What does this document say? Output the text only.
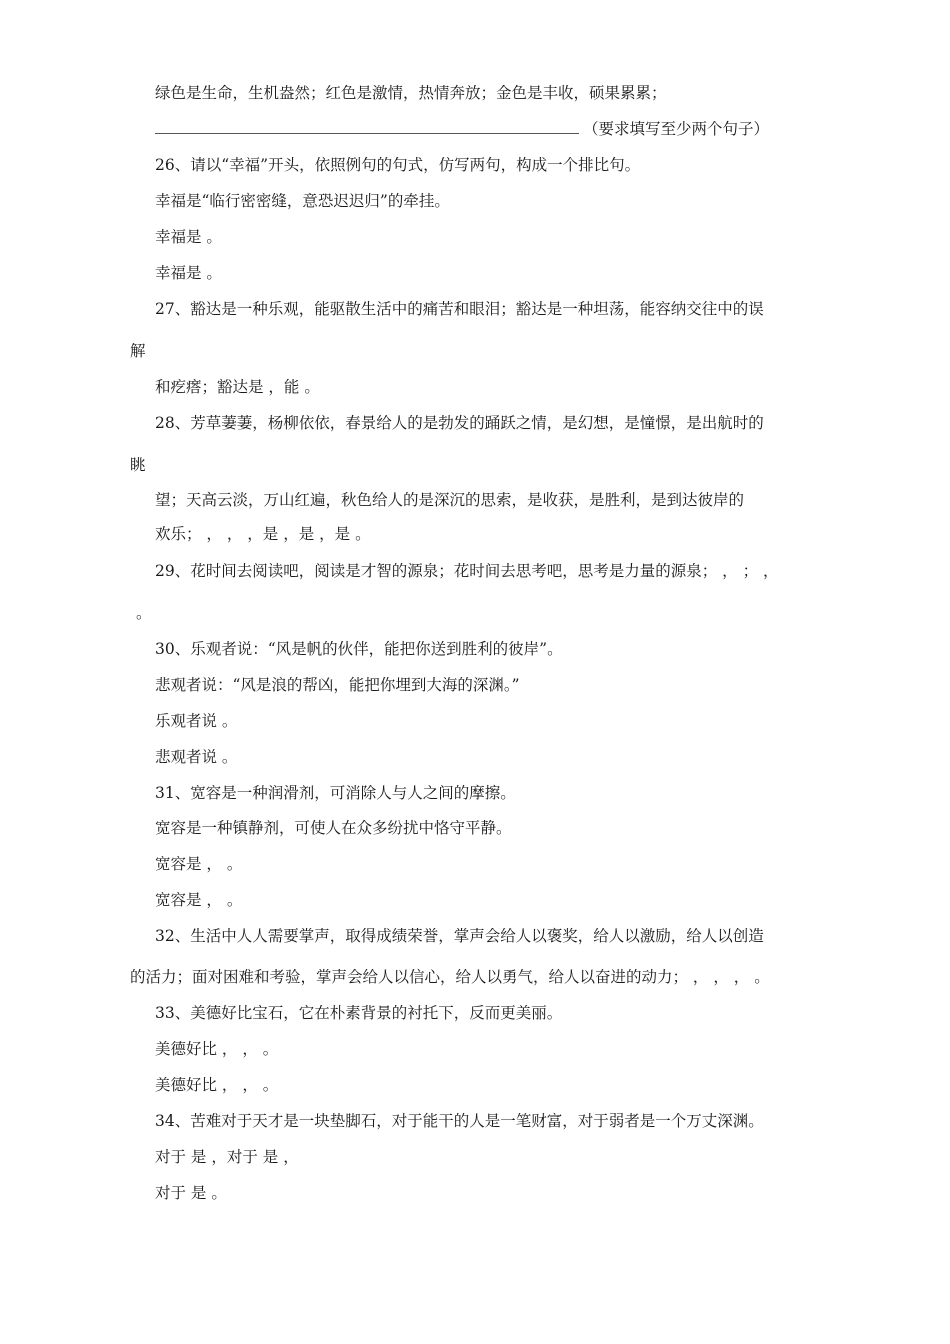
绿色是生命，生机盎然；红色是激情，热情奔放；金色是丰收，硕果累累；
（要求填写至少两个句子）
26、请以“幸福”开头，依照例句的句式，仿写两句，构成一个排比句。
幸福是“临行密密缝，意恐迟迟归”的牵挂。
幸福是 。
幸福是 。
27、豁达是一种乐观，能驱散生活中的痛苦和眼泪；豁达是一种坦荡，能容纳交往中的误
解
和疙瘩；豁达是 ，能 。
28、芳草萋萋，杨柳依依，春景给人的是勃发的踊跃之情，是幻想，是憧憬，是出航时的
眺
望；天高云淡，万山红遍，秋色给人的是深沉的思索，是收获，是胜利，是到达彼岸的
欢乐； ， ， ，是 ，是 ，是 。
29、花时间去阅读吧，阅读是才智的源泉；花时间去思考吧，思考是力量的源泉； ， ； ，
。
30、乐观者说：“风是帆的伙伴，能把你送到胜利的彼岸”。
悲观者说：“风是浪的帮凶，能把你埋到大海的深渊。”
乐观者说 。
悲观者说 。
31、宽容是一种润滑剂，可消除人与人之间的摩擦。
宽容是一种镇静剂，可使人在众多纷扰中恪守平静。
宽容是 ， 。
宽容是 ， 。
32、生活中人人需要掌声，取得成绩荣誉，掌声会给人以褒奖，给人以激励，给人以创造
的活力；面对困难和考验，掌声会给人以信心，给人以勇气，给人以奋进的动力； ， ， ， 。
33、美德好比宝石，它在朴素背景的衬托下，反而更美丽。
美德好比 ， ， 。
美德好比 ， ， 。
34、苦难对于天才是一块垫脚石，对于能干的人是一笔财富，对于弱者是一个万丈深渊。
对于 是 ，对于 是 ，
对于 是 。
